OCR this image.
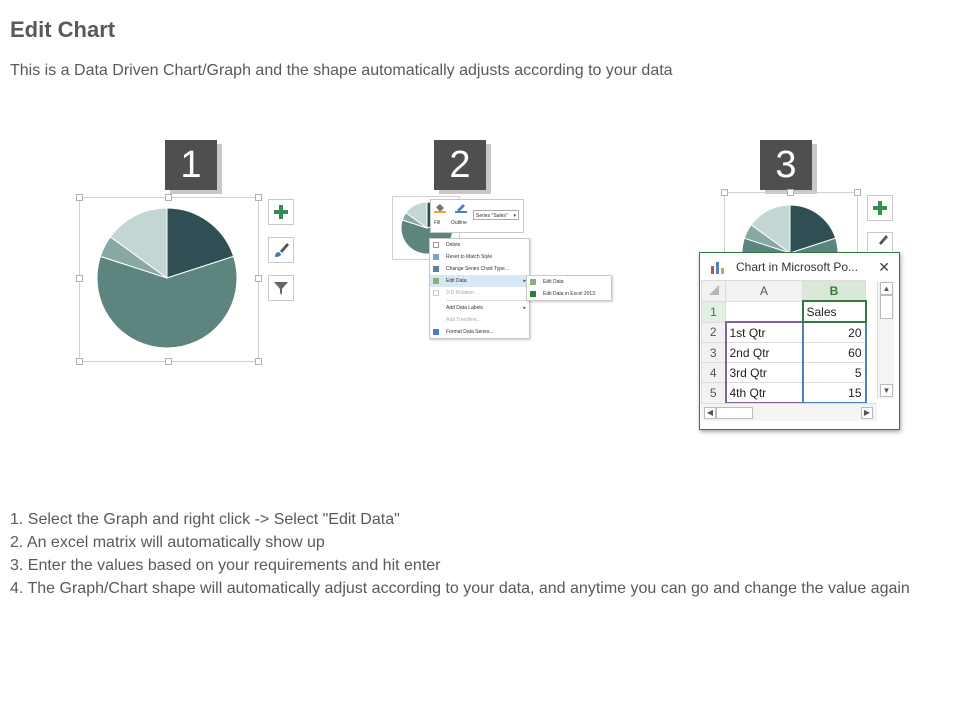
Edit Chart
This is a Data Driven Chart/Graph and the shape automatically adjusts according to your data
1	2	3
Fill Outline
Series "Sales" ▾
Delete
Reset to Match Style
Change Series Chart Type...
Edit Data	▸
3-D Rotation...
Add Data Labels	▸
Add Trendline...
Format Data Series...
Edit Data
Edit Data in Excel 2013
Chart in Microsoft Po... ✕
	A	B
1		Sales
2	1st Qtr	20
3	2nd Qtr	60
4	3rd Qtr	5
5	4th Qtr	15
▲
▼
◀	▶
1. Select the Graph and right click -> Select "Edit Data"
2. An excel matrix will automatically show up
3. Enter the values based on your requirements and hit enter
4. The Graph/Chart shape will automatically adjust according to your data, and anytime you can go and change the value again
